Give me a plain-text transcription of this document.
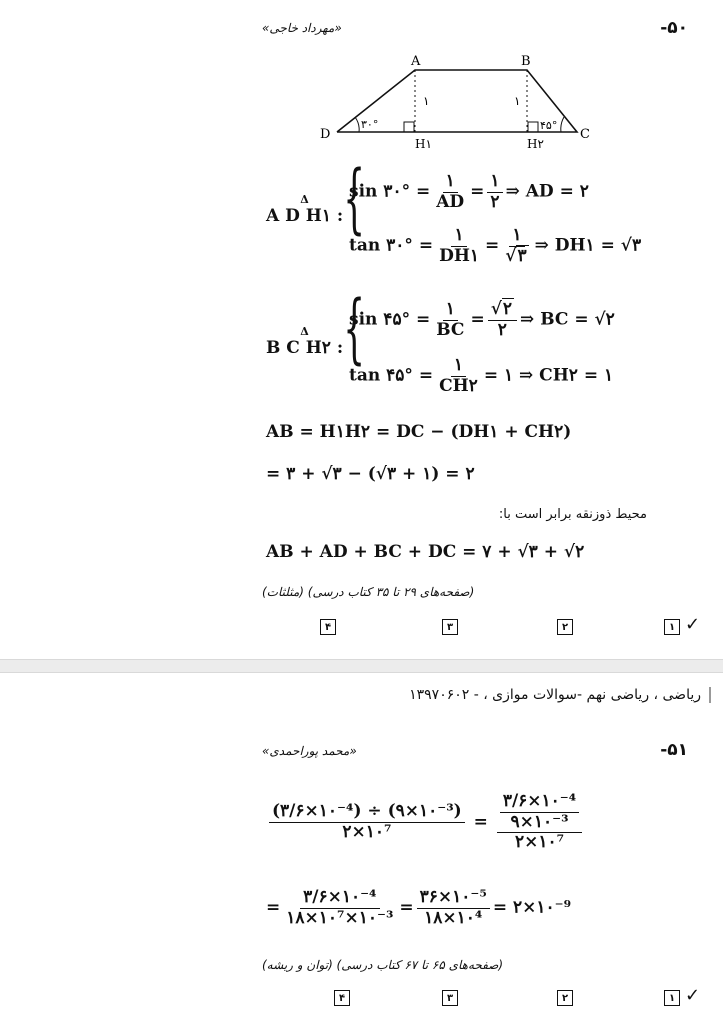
-۵۰
«مهرداد خاجی»
A	B
C
D
H۱	H۲
۱	۱
۳۰°	۴۵°
Δ A D H۱ : {
sin ۳۰° = $\frac{۱}{AD} = \frac{۱}{۲}$ ⇒ AD = ۲
tan ۳۰° = $\frac{۱}{DH۱} = \frac{۱}{√۳}$ ⇒ DH۱ = √۳
Δ B C H۲ : {
sin ۴۵° = $\frac{۱}{BC} = \frac{√۲}{۲}$ ⇒ BC = √۲
tan ۴۵° = $\frac{۱}{CH۲}$ = ۱ ⇒ CH۲ = ۱
AB = H۱H۲ = DC − (DH۱ + CH۲)
= ۳ + √۳ − (√۳ + ۱) = ۲
محیط ذوزنقه برابر است با:
AB + AD + BC + DC = ۷ + √۳ + √۲
(صفحه‌های ۲۹ تا ۳۵ کتاب درسی) (مثلثات)
۴	۳	۲	۱ ✓
ریاضی ، ریاضی نهم -سوالات موازی ، - ۱۳۹۷۰۶۰۲
-۵۱
«محمد پوراحمدی»
$\frac{\text{(۳/۶×۱۰⁻⁴) ÷ (۹×۱۰⁻³)}}{\text{۲×۱۰⁷}} = \frac{\frac{\text{۳/۶×۱۰⁻⁴}}{\text{۹×۱۰⁻³}}}{\text{۲×۱۰⁷}}$
= $\frac{\text{۳/۶×۱۰⁻⁴}}{\text{۱۸×۱۰⁷×۱۰⁻³}} = \frac{\text{۳۶×۱۰⁻⁵}}{\text{۱۸×۱۰⁴}}$ = ۲×۱۰⁻⁹
(صفحه‌های ۶۵ تا ۶۷ کتاب درسی) (توان و ریشه)
۴	۳	۲	۱ ✓
